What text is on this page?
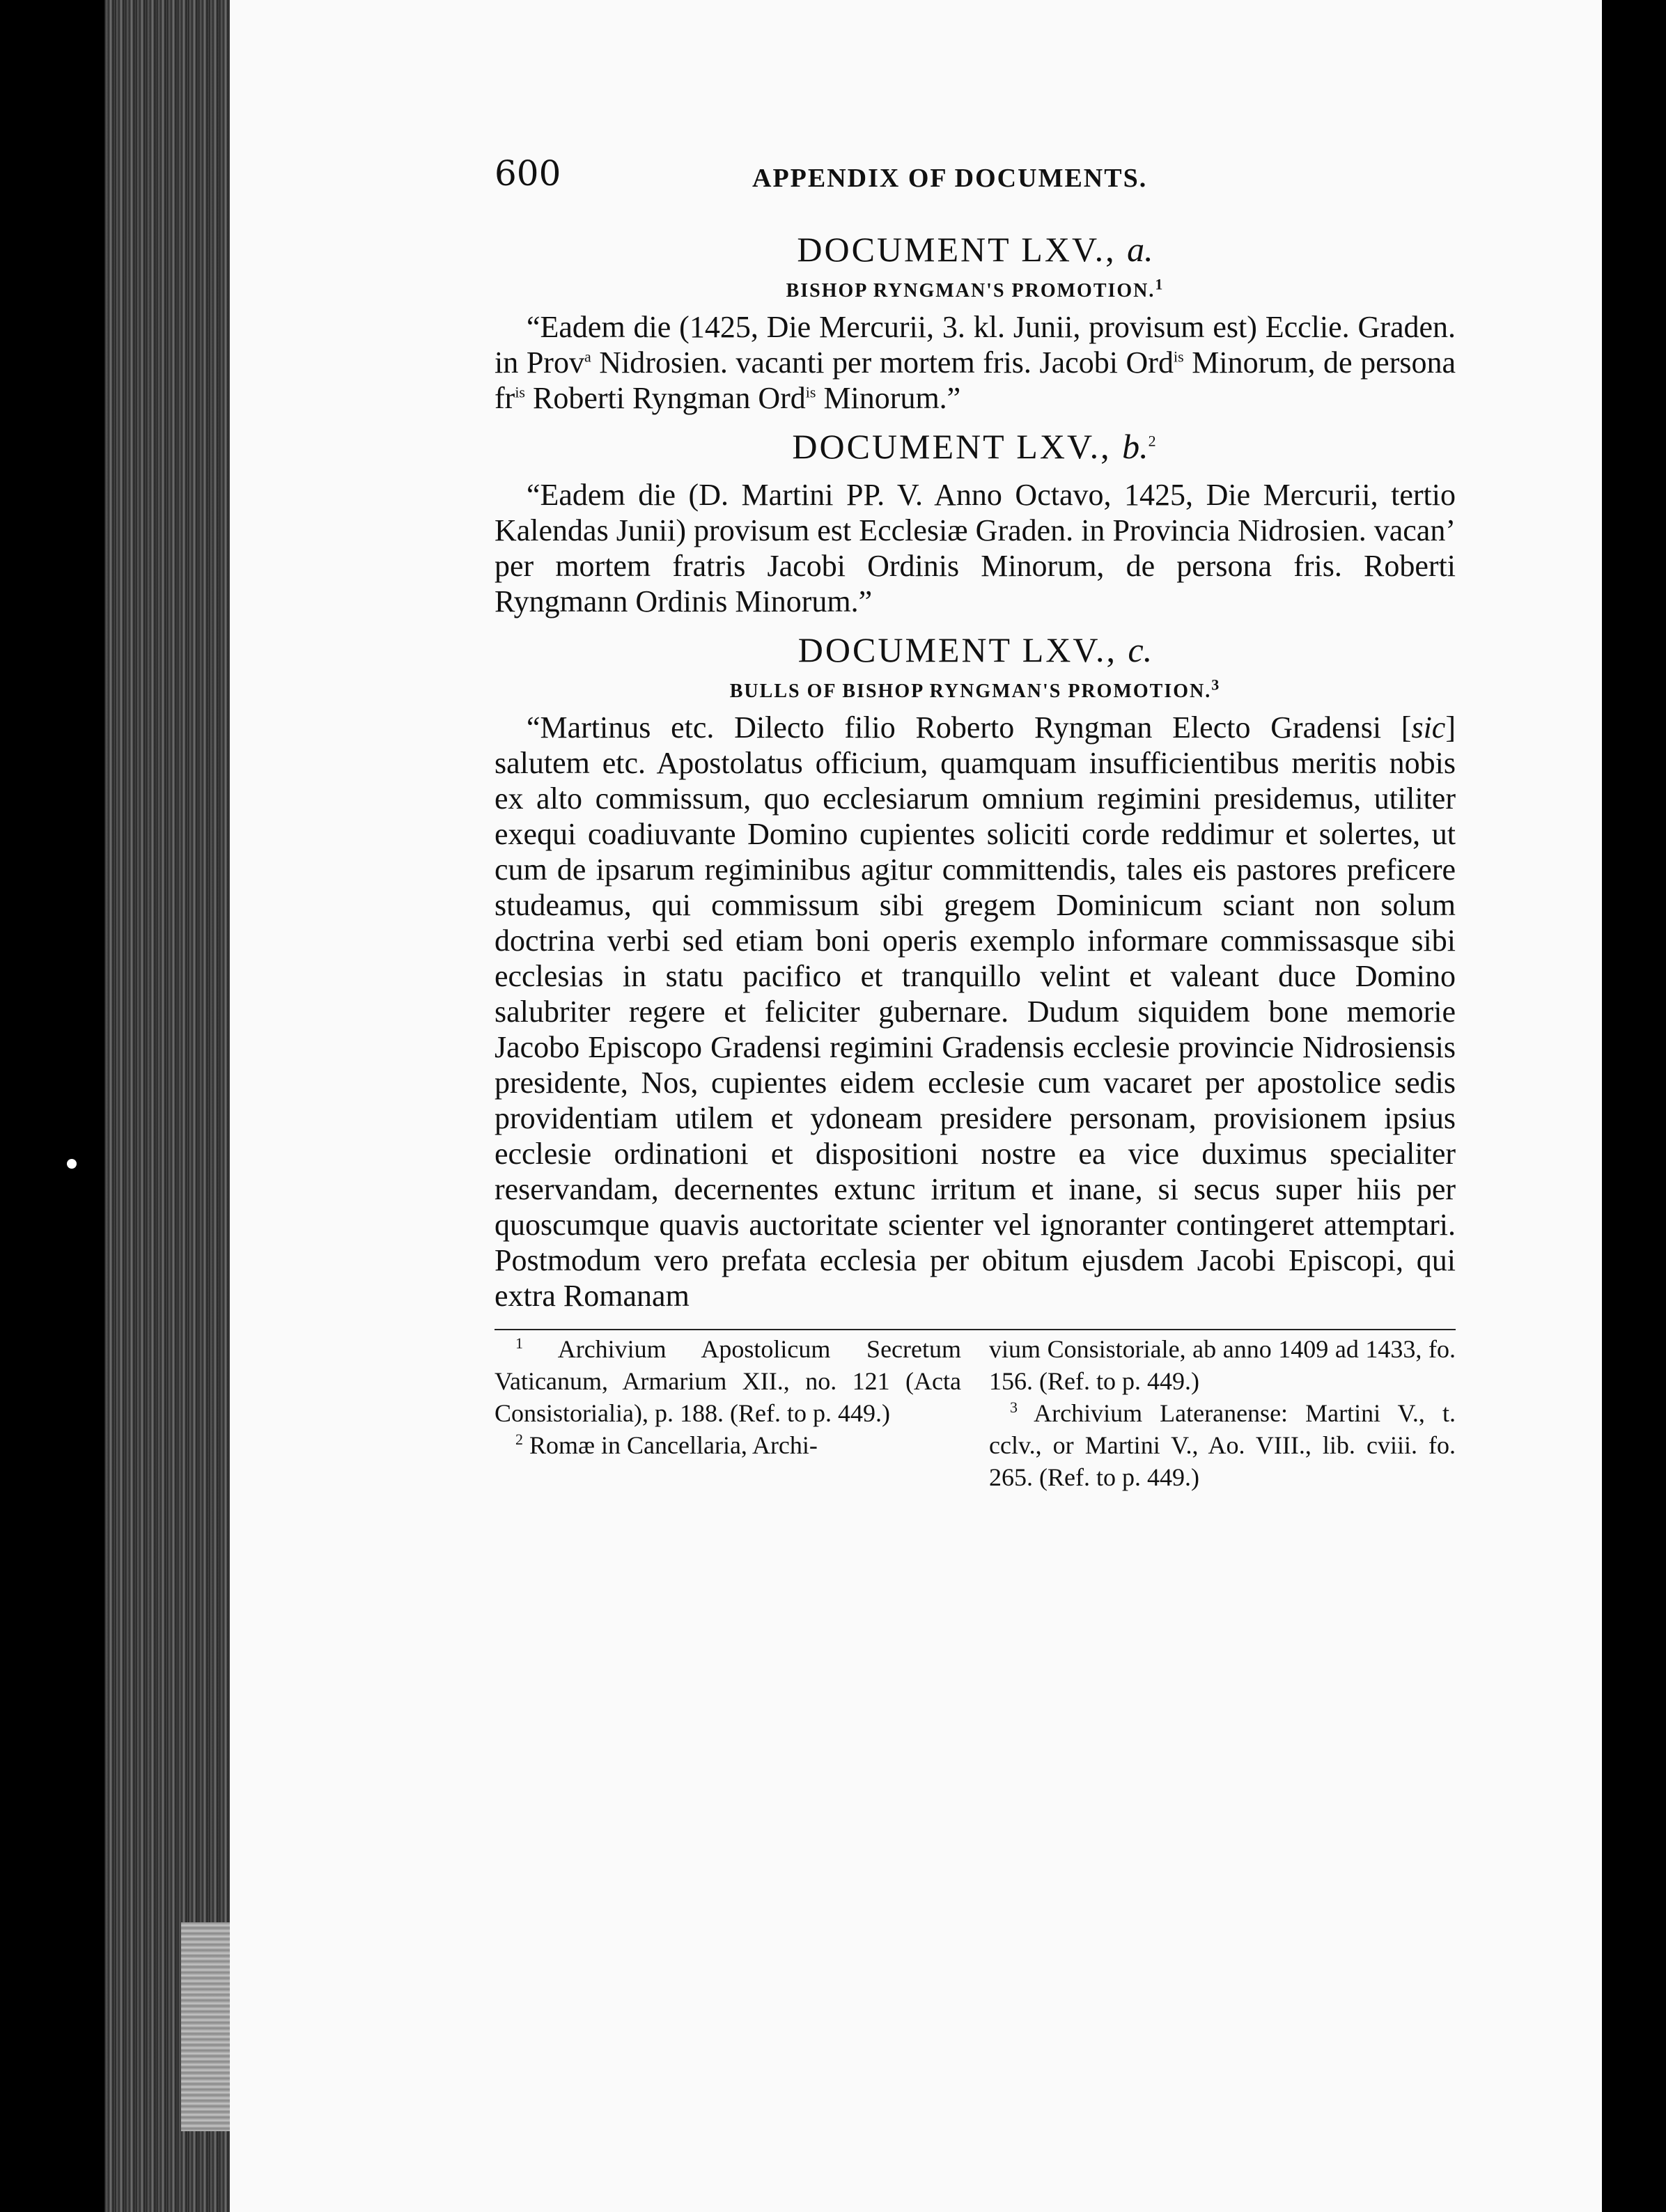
600	APPENDIX OF DOCUMENTS.

DOCUMENT LXV., a.

BISHOP RYNGMAN'S PROMOTION.$^1$

“Eadem die (1425, Die Mercurii, 3. kl. Junii, provisum est) Ecclie. Graden. in Prov$^a$ Nidrosien. vacanti per mortem fris. Jacobi Ord$^{is}$ Minorum, de persona $fr^{is}$ Roberti Ryngman Ord$^{is}$ Minorum.”

DOCUMENT LXV., b.$^2$

“Eadem die (D. Martini PP. V. Anno Octavo, 1425, Die Mercurii, tertio Kalendas Junii) provisum est Ecclesiæ Graden. in Provincia Nidrosien. vacan’ per mortem fratris Jacobi Ordinis Minorum, de persona fris. Roberti Ryngmann Ordinis Minorum.”

DOCUMENT LXV., c.

BULLS OF BISHOP RYNGMAN'S PROMOTION.$^3$

“Martinus etc. Dilecto filio Roberto Ryngman Electo Gradensi [sic] salutem etc. Apostolatus officium, quamquam insufficientibus meritis nobis ex alto commissum, quo ecclesiarum omnium regimini presidemus, utiliter exequi coadiuvante Domino cupientes soliciti corde reddimur et solertes, ut cum de ipsarum regiminibus agitur committendis, tales eis pastores preficere studeamus, qui commissum sibi gregem Dominicum sciant non solum doctrina verbi sed etiam boni operis exemplo informare commissasque sibi ecclesias in statu pacifico et tranquillo velint et valeant duce Domino salubriter regere et feliciter gubernare. Dudum siquidem bone memorie Jacobo Episcopo Gradensi regimini Gradensis ecclesie provincie Nidrosiensis presidente, Nos, cupientes eidem ecclesie cum vacaret per apostolice sedis providentiam utilem et ydoneam presidere personam, provisionem ipsius ecclesie ordinationi et dispositioni nostre ea vice duximus specialiter reservandam, decernentes extunc irritum et inane, si secus super hiis per quoscumque quavis auctoritate scienter vel ignoranter contingeret attemptari. Postmodum vero prefata ecclesia per obitum ejusdem Jacobi Episcopi, qui extra Romanam

$^1$ Archivium Apostolicum Secretum Vaticanum, Armarium XII., no. 121 (Acta Consistorialia), p. 188. (Ref. to p. 449.)

$^2$ Romæ in Cancellaria, Archi-

vium Consistoriale, ab anno 1409 ad 1433, fo. 156. (Ref. to p. 449.)

$^3$ Archivium Lateranense: Martini V., t. cclv., or Martini V., Ao. VIII., lib. cviii. fo. 265. (Ref. to p. 449.)
